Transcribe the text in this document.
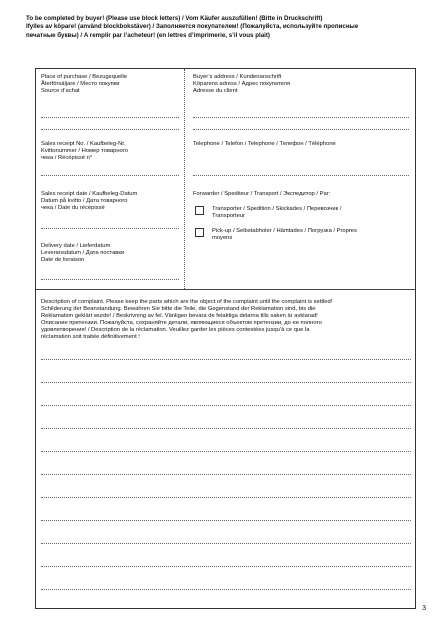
To be completed by buyer! (Please use block letters) / Vom Käufer auszufüllen! (Bitte in Druckschrift)
Ifylles av köpare! (använd blockbokstäver) / Заполняется покупателем! (Пожалуйста, используйте прописные
печатные буквы) / A remplir par l’acheteur! (en lettres d’imprimerie, s’il vous plait)
Place of purchase / Bezugsquelle
Återförsäljare / Место покупки
Source d’achat
Buyer’s address / Kundenanschrift
Köparens adress / Адрес покупателя
Adresse du client
Sales receipt No. / Kaufbeleg-Nr.
Kvittonummer / Номер товарного
чека / Récépissé n°
Telephone / Telefon / Telephone / Телефон / Téléphone
Sales receipt date / Kaufbeleg-Datum
Datum på kvitto / Дата товарного
чека / Date du récépissé
Forwarder / Spediteur / Transport / Экспедитор / Par:
Transporter / Spedition / Skickades / Перевозчик /
Transporteur
Pick-up / Selbstabholer / Hämtades / Погрузка / Propres
moyens
Delivery date / Lieferdatum
Leveransdatum / Дата поставки
Date de livraison
Description of complaint. Please keep the parts which are the object of the complaint until the complaint is settled!
Schilderung der Beanstandung. Bewahren Sie bitte die Teile, die Gegenstand der Reklamation sind, bis die
Reklamation geklärt wurde! / Beskrivning av fel. Vänligen bevara de felaktiga delarna tills saken är avklarad!
Описание претензии. Пожалуйста, сохраняйте детали, являющиеся объектом претензии, до ее полного
удовлетворения! / Description de la réclamation. Veuillez garder les pièces contestées jusqu’à ce que la
réclamation soit traitée définitivement !
3
